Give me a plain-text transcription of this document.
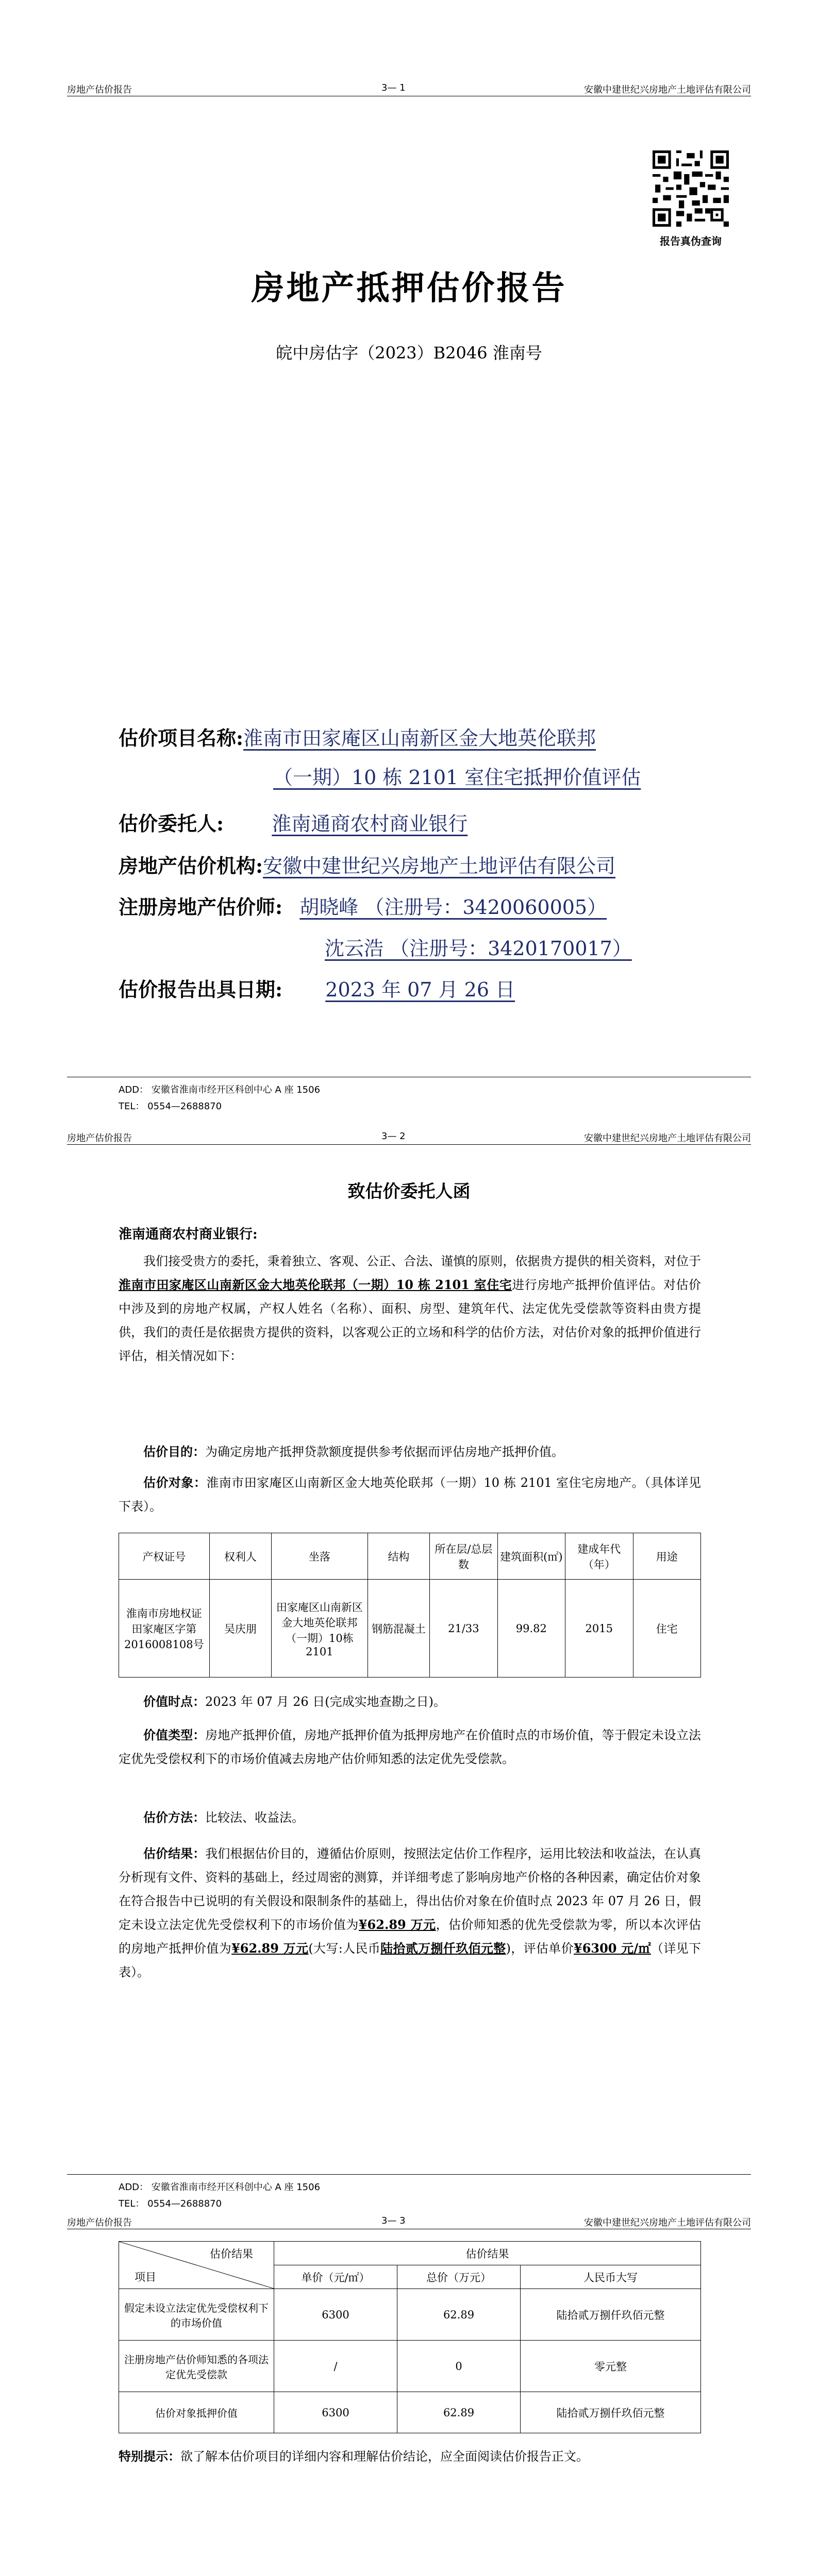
房地产估价报告	3— 1	安徽中建世纪兴房地产土地评估有限公司
报告真伪查询
房地产抵押估价报告
皖中房估字（2023）B2046 淮南号
估价项目名称:淮南市田家庵区山南新区金大地英伦联邦
（一期）10 栋 2101 室住宅抵押价值评估
估价委托人: 淮南通商农村商业银行
房地产估价机构:安徽中建世纪兴房地产土地评估有限公司
注册房地产估价师: 胡晓峰 （注册号：3420060005）
沈云浩 （注册号：3420170017）
估价报告出具日期: 2023 年 07 月 26 日
ADD： 安徽省淮南市经开区科创中心 A 座 1506
TEL： 0554—2688870
房地产估价报告	3— 2	安徽中建世纪兴房地产土地评估有限公司
致估价委托人函
淮南通商农村商业银行:
我们接受贵方的委托，秉着独立、客观、公正、合法、谨慎的原则，依据贵方提供的相关资料，对位于淮南市田家庵区山南新区金大地英伦联邦（一期）10 栋 2101 室住宅进行房地产抵押价值评估。对估价中涉及到的房地产权属，产权人姓名（名称）、面积、房型、建筑年代、法定优先受偿款等资料由贵方提供，我们的责任是依据贵方提供的资料，以客观公正的立场和科学的估价方法，对估价对象的抵押价值进行评估，相关情况如下：
估价目的：为确定房地产抵押贷款额度提供参考依据而评估房地产抵押价值。
估价对象：淮南市田家庵区山南新区金大地英伦联邦（一期）10 栋 2101 室住宅房地产。（具体详见下表）。
产权证号	权利人	坐落	结构	所在层/总层数	建筑面积(㎡)	建成年代（年）	用途
淮南市房地权证田家庵区字第2016008108号	吴庆朋	田家庵区山南新区金大地英伦联邦（一期）10栋 2101	钢筋混凝土	21/33	99.82	2015	住宅
价值时点：2023 年 07 月 26 日(完成实地查勘之日)。
价值类型：房地产抵押价值，房地产抵押价值为抵押房地产在价值时点的市场价值，等于假定未设立法定优先受偿权利下的市场价值减去房地产估价师知悉的法定优先受偿款。
估价方法：比较法、收益法。
估价结果：我们根据估价目的，遵循估价原则，按照法定估价工作程序，运用比较法和收益法，在认真分析现有文件、资料的基础上，经过周密的测算，并详细考虑了影响房地产价格的各种因素，确定估价对象在符合报告中已说明的有关假设和限制条件的基础上，得出估价对象在价值时点 2023 年 07 月 26 日，假定未设立法定优先受偿权利下的市场价值为¥62.89 万元，估价师知悉的优先受偿款为零，所以本次评估的房地产抵押价值为¥62.89 万元(大写:人民币陆拾贰万捌仟玖佰元整)，评估单价¥6300 元/㎡（详见下表）。
ADD： 安徽省淮南市经开区科创中心 A 座 1506
TEL： 0554—2688870
房地产估价报告	3— 3	安徽中建世纪兴房地产土地评估有限公司
估价结果
项目	估价结果		
	单价（元/㎡）	总价（万元）	人民币大写
假定未设立法定优先受偿权利下的市场价值	6300	62.89	陆拾贰万捌仟玖佰元整
注册房地产估价师知悉的各项法定优先受偿款	/	0	零元整
估价对象抵押价值	6300	62.89	陆拾贰万捌仟玖佰元整
特别提示：欲了解本估价项目的详细内容和理解估价结论，应全面阅读估价报告正文。
